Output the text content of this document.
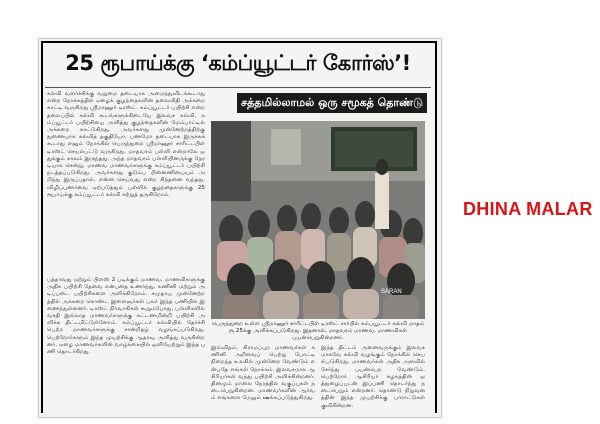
25 ரூபாய்க்கு ‘கம்ப்யூட்டர் கோர்ஸ்’!
சத்தமில்லாமல் ஒரு சமூகத் தொண்டு
கல்வி வளர்ச்சிக்கு வறுமை தடையாக அமைந்துவிடக்கூடாது என்ற நோக்கத்தில் ஏழைக் குழந்தைகளின் தலைவிதி அக்கறை காட்டி வருகிறது ஸ்ரீமாணூர் டிரஸ்ட். கம்ப்யூட்டர் பயிற்சி என்ற தலைப்பில் கல்வி கூடங்களுக்கிடையே இலவச கல்வி, கம்ப்யூட்டர் பயிற்சியை அளித்து குழந்தைகளின் மேம்பாட்டில் அக்கறை காட்டுகிறது. அவர்களது முன்னேற்றத்திற்கு துணையாக கல்வித் தகுதியோ, பணமோ தடையாக இருக்கக் கூடாது எனும் நோக்கில் பெருந்துறை ஸ்ரீமாணூர் சாரிட்டபிள் டிரஸ்ட் செயல்பட்டு வருகிறது. மாதவரம் பள்ளி என்றாலே ஒதுக்கும் காலம் இருந்தது. அந்த மாதவரம் பள்ளியினருக்கு நேரடியாக சென்று, மாணவ மாணவர்களுக்கு கம்ப்யூட்டர் பயிற்சி நடத்தப்படுகிறது. அவர்களது குடும்ப பின்னணியையும் அறிந்து இருப்பதால், என்ன செய்வது என்ற சிந்தனை வந்தது. விழிப்புணர்வை ஏற்படுத்தும் பள்ளிக் குழந்தைகளுக்கு 25 ரூபாய்க்கு கம்ப்யூட்டர் கல்வி கற்றுத் தருகிறோம்.
பத்தாவது மற்றும் பிளஸ் 2 படிக்கும் மாணவ, மாணவிகளுக்கு அதிக பயிற்சி தேவை என்பதை உணர்ந்து, கணினி மற்றும் அடிப்படை பயிற்சிகளை அளிக்கிறோம். சமுதாய முன்னேற்றத்தில் அக்கறை கொண்ட இளைஞர்கள் பலர் இந்த பணியில் இணைந்துள்ளனர். டிரஸ்ட் நிர்வாகிகள் கூறும்போது, பள்ளிகளில் வசதி இல்லாத மாணவர்களுக்கு கட்டணமின்றி பயிற்சி அளிக்க திட்டமிட்டுள்ளோம். கம்ப்யூட்டர் கல்வியில் தேர்ச்சி பெற்ற மாணவர்களுக்கு சான்றிதழ் வழங்கப்படுகிறது. பெற்றோர்களும் இந்த முயற்சிக்கு ஆதரவு அளித்து வருகின்றனர். ஏழை மாணவர்களின் வாழ்க்கையில் ஒளியேற்றும் இந்த பணி தொடர்கிறது.
SARAN
பெருந்துறை உள்ள ஸ்ரீமாணூர் சாரிட்டபிள் டிரஸ்ட் சார்பில் கம்ப்யூட்டர் கல்வி மாதம் ரூ.25க்கு அளிக்கப்படுகிறது. இதனால், மாதவரம் மாணவ, மாணவிகள் பயன்பெறுகின்றனர்.
இவ்விதம், கிராமப்புற மாணவர்கள் கணினி அறிவைப் பெற்று போட்டி நிறைந்த உலகில் முன்னேற வேண்டும் என்பதே எங்கள் நோக்கம். இலவசமாக ஆசிரியர்கள் வந்து பயிற்சி அளிக்கின்றனர். தினமும் மாலை நேரத்தில் வகுப்புகள் நடைபெறுகின்றன. மாணவர்களின் ஆர்வம் எங்களை மேலும் ஊக்கப்படுத்துகிறது.
இந்த திட்டம் அனைவருக்கும் இலவசமாகவே கல்வி வழங்கும் நோக்கில் செயல்படுகிறது. மாணவர்கள் அதிக அளவில் சேர்ந்து பயன்பெற வேண்டும். பெற்றோர் ஆசிரியர் கழகத்தின் ஒத்துழைப்புடன் இப்பணி தொடர்ந்து நடைபெறும் என்றனர். தொண்டு நிறுவனத்தின் இந்த முயற்சிக்கு பாராட்டுகள் குவிகின்றன.
DHINA MALAR
